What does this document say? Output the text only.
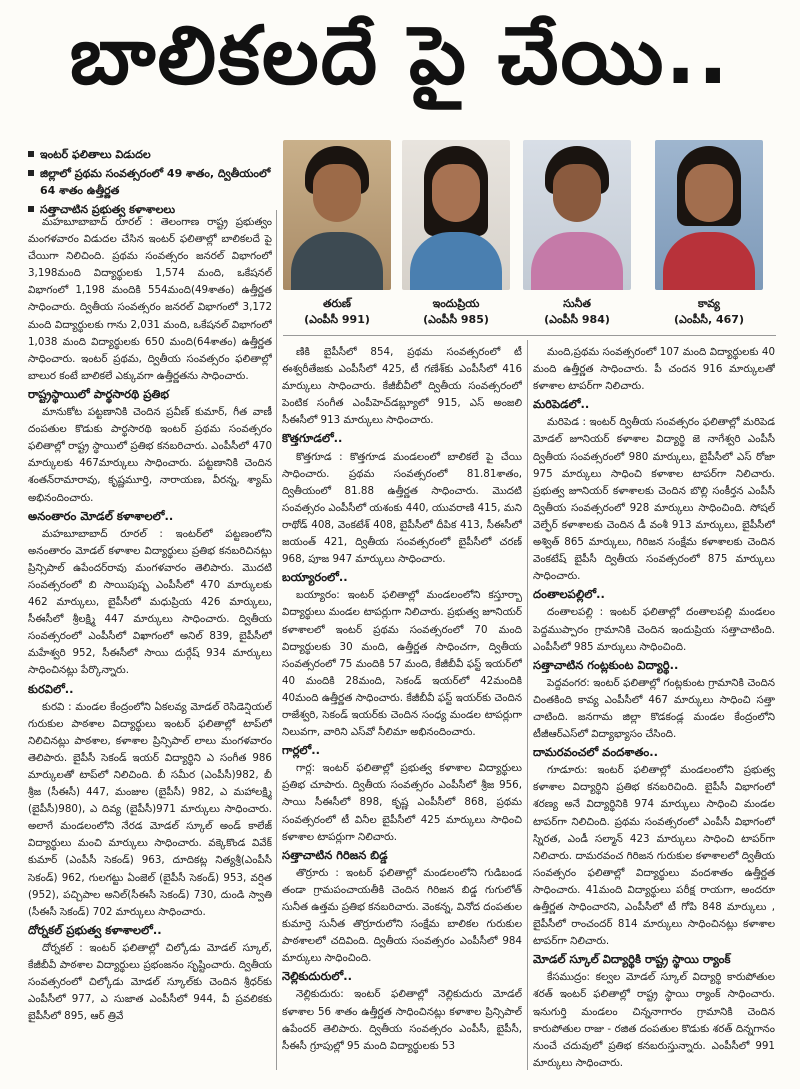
బాలికలదే పై చేయి..
ఇంటర్ ఫలితాలు విడుదల
జిల్లాలో ప్రథమ సంవత్సరంలో 49 శాతం, ద్వితీయంలో 64 శాతం ఉత్తీర్ణత
సత్తాచాటిన ప్రభుత్వ కళాశాలలు
తరుణ్
(ఎంపీసీ 991)
ఇందుప్రియ
(ఎంపీసీ 985)
సునీత
(ఎంపీసీ 984)
కావ్య
(ఎంపీసీ, 467)

మహబూబాబాద్ రూరల్ : తెలంగాణ రాష్ట్ర ప్రభుత్వం మంగళవారం విడుదల చేసిన ఇంటర్ ఫలితాల్లో బాలికలదే పై చేయిగా నిలిచింది. ప్రథమ సంవత్సరం జనరల్ విభాగంలో 3,198మంది విద్యార్థులకు 1,574 మంది, ఒకేషనల్ విభాగంలో 1,198 మందికి 554మంది(49శాతం) ఉత్తీర్ణత సాధించారు. ద్వితీయ సంవత్సరం జనరల్ విభాగంలో 3,172 మంది విద్యార్థులకు గాను 2,031 మంది, ఒకేషనల్ విభాగంలో 1,038 మంది విద్యార్థులకు 650 మంది(64శాతం) ఉత్తీర్ణత సాధించారు. ఇంటర్ ప్రథమ, ద్వితీయ సంవత్సరం ఫలితాల్లో బాలుర కంటే బాలికలే ఎక్కువగా ఉత్తీర్ణతను సాధించారు.

రాష్ట్రస్థాయిలో పార్థసారథి ప్రతిభ

మానుకోట పట్టణానికి చెందిన ప్రవీణ్ కుమార్, గీత వాణీ దంపతుల కొడుకు పార్థసారథి ఇంటర్ ప్రథమ సంవత్సరం ఫలితాల్లో రాష్ట్ర స్థాయిలో ప్రతిభ కనబరిచారు. ఎంపీసీలో 470 మార్కులకు 467మార్కులు సాధించారు. పట్టణానికి చెందిన శంతన్‌రామారావు, కృష్ణమూర్తి, నారాయణ, వీరన్న, శ్యామ్ అభినందించారు.

అనంతారం మోడల్ కళాశాలలో..

మహబూబాబాద్ రూరల్ : ఇంటర్‌లో పట్టణంలోని అనంతారం మోడల్ కళాశాల విద్యార్థులు ప్రతిభ కనబరిచినట్లు ప్రిన్సిపాల్ ఉపేందర్‌రావు మంగళవారం తెలిపారు. మొదటి సంవత్సరంలో బి సాయిపుష్ప ఎంపీసీలో 470 మార్కులకు 462 మార్కులు, బైపీసీలో మధుప్రియ 426 మార్కులు, సీఈసీలో శ్రీలక్ష్మి 447 మార్కులు సాధించారు. ద్వితీయ సంవత్సరంలో ఎంపీసీలో విఖాగంలో అనిల్ 839, బైపీసీలో మహేశ్వరి 952, సీఈసీలో సాయి దుర్గేష్ 934 మార్కులు సాధించినట్లు పేర్కొన్నారు.

కురవిలో..

కురవి : మండల కేంద్రంలోని ఏకలవ్య మోడల్ రెసిడెన్షియల్ గురుకుల పాఠశాల విద్యార్థులు ఇంటర్ ఫలితాల్లో టాప్‌లో నిలిచినట్లు పాఠశాల, కళాశాల ప్రిన్సిపాల్ లాలు మంగళవారం తెలిపారు. బైపీసీ సెకండ్ ఇయర్ విద్యార్థిని ఎ సంగీత 986 మార్కులతో టాప్‌లో నిలిచింది. బీ సమీర (ఎంపీసీ)982, బీ శ్రీజ (సీఈసీ) 447, మంజుల (బైపీసీ) 982, ఎ మహాలక్ష్మి (బైపీసీ)980), ఎ దివ్య (బైపీసీ)971 మార్కులు సాధించారు. అలాగే మండలంలోని నేరడ మోడల్ స్కూల్ అండ్ కాలేజ్ విద్యార్థులు మంచి మార్కులు సాధించారు. వక్కెకొండ వివేక్ కుమార్ (ఎంపీసీ సెకండ్) 963, దూదికట్ల నిత్యశ్రీ(ఎంపీసీ సెకండ్) 962, గులగట్టు ఏంజెల్ (బైపీసీ సెకండ్) 953, వర్షిత (952), పచ్చిపాల అనిల్(సీఈసీ సెకండ్) 730, దుండి స్వాతి (సీఈసీ సెకండ్) 702 మార్కులు సాధించారు.

దోర్నకల్ ప్రభుత్వ కళాశాలలో..

దోర్నకల్ : ఇంటర్ ఫలితాల్లో చిల్కోడు మోడల్ స్కూల్, కేజీబీవీ పాఠశాల విద్యార్థులు ప్రభంజనం సృష్టించారు. ద్వితీయ సంవత్సరంలో చిల్కోడు మోడల్ స్కూల్‌కు చెందిన శ్రీధర్‌కు ఎంపీసీలో 977, ఎ సుజాత ఎంపీసీలో 944, వీ ప్రవలికకు బైపీసీలో 895, ఆర్ త్రివే

ణికి బైపీసీలో 854, ప్రథమ సంవత్సరంలో టీ ఈశ్వరీతేజకు ఎంపీసీలో 425, టీ గణేశ్‌కు ఎంపీసీలో 416 మార్కులు సాధించారు. కేజీబీవీలో ద్వితీయ సంవత్సరంలో పెంటిక సంగీత ఎంపీహెచ్‌డబ్ల్యూలో 915, ఎస్ అంజలి సీఈసీలో 913 మార్కులు సాధించారు.

కొత్తగూడలో..

కొత్తగూడ : కొత్తగూడ మండలంలో బాలికలే పై చేయి సాధించారు. ప్రథమ సంవత్సరంలో 81.81శాతం, ద్వితీయంలో 81.88 ఉత్తీర్ణత సాధించారు. మొదటి సంవత్సరం ఎంపీసీలో యశంకు 440, యువరాణి 415, మని రాథోడ్ 408, వెంకటేశ్ 408, బైపీసీలో దీపిక 413, సీఈసీలో జయంత్ 421, ద్వితీయ సంవత్సరంలో బైపీసీలో చరణ్ 968, పూజ 947 మార్కులు సాధించారు.

బయ్యారంలో..

బయ్యారం: ఇంటర్ ఫలితాల్లో మండలంలోని కస్తూర్బా విద్యార్థులు మండల టాపర్లుగా నిలిచారు. ప్రభుత్వ జూనియర్ కళాశాలలో ఇంటర్ ప్రథమ సంవత్సరంలో 70 మంది విద్యార్థులకు 30 మంది, ఉత్తీర్ణత సాధించగా, ద్వితీయ సంవత్సరంలో 75 మందికి 57 మంది, కేజీబీవీ ఫస్ట్ ఇయర్‌లో 40 మందికి 28మంది, సెకండ్ ఇయర్‌లో 42మందికి 40మంది ఉత్తీర్ణత సాధించారు. కేజీబీవీ ఫస్ట్ ఇయర్‌కు చెందిన రాజేశ్వరి, సెకండ్ ఇయర్‌కు చెందిన సంధ్య మండల టాపర్లుగా నిలువగా, వారిని ఎస్‌వో నీలిమా అభినందించారు.

గార్లలో..

గార్ల: ఇంటర్ ఫలితాల్లో ప్రభుత్వ కళాశాల విద్యార్థులు ప్రతిభ చూపారు. ద్వితీయ సంవత్సరం ఎంపీసీలో శ్రీజ 956, సాయి సీఈసీలో 898, కృష్ణ ఎంపీసీలో 868, ప్రథమ సంవత్సరంలో టీ వినీల బైపీసీలో 425 మార్కులు సాధించి కళాశాల టాపర్లుగా నిలిచారు.

సత్తాచాటిన గిరిజన బిడ్డ

తొర్రూరు : ఇంటర్ ఫలితాల్లో మండలంలోని గుడిబండ తండా గ్రామపంచాయతీకి చెందిన గిరిజన బిడ్డ గుగులోత్ సునీత ఉత్తమ ప్రతిభ కనబరిచారు. వెంకన్న, వినోద దంపతుల కుమార్తె సునీత తొర్రూరులోని సంక్షేమ బాలికల గురుకుల పాఠశాలలో చదివింది. ద్వితీయ సంవత్సరం ఎంపీసీలో 984 మార్కులు సాధించింది.

నెల్లికుదురులో..

నెల్లికుదురు: ఇంటర్ ఫలితాల్లో నెల్లికుదురు మోడల్ కళాశాల 56 శాతం ఉత్తీర్ణత సాధించినట్లు కళాశాల ప్రిన్సిపాల్ ఉపేందర్ తెలిపారు. ద్వితీయ సంవత్సరం ఎంపీసీ, బైపీసీ, సీఈసీ గ్రూపుల్లో 95 మంది విద్యార్థులకు 53

మంది,ప్రథమ సంవత్సరంలో 107 మంది విద్యార్థులకు 40 మంది ఉత్తీర్ణత సాధించారు. పీ చందన 916 మార్కులతో కళాశాల టాపర్‌గా నిలిచారు.

మరిపెడలో..

మరిపెడ : ఇంటర్ ద్వితీయ సంవత్సరం ఫలితాల్లో మరిపెడ మోడల్ జూనియర్ కళాశాల విద్యార్థి జె నాగేశ్వరి ఎంపీసీ ద్వితీయ సంవత్సరంలో 980 మార్కులు, బైపీసీలో ఎస్ రోజా 975 మార్కులు సాధించి కళాశాల టాపర్‌గా నిలిచారు. ప్రభుత్వ జూనియర్ కళాశాలకు చెందిన బొల్లి సంకీర్తన ఎంపీసీ ద్వితీయ సంవత్సరంలో 928 మార్కులు సాధించింది. సోషల్ వెల్ఫేర్ కళాశాలకు చెందిన డీ వంశీ 913 మార్కులు, బైపీసీలో అశ్విత్ 865 మార్కులు, గిరిజన సంక్షేమ కళాశాలకు చెందిన వెంకటేష్ బైపీసీ ద్వితీయ సంవత్సరంలో 875 మార్కులు సాధించారు.

దంతాలపల్లిలో..

దంతాలపల్లి : ఇంటర్ ఫలితాల్లో దంతాలపల్లి మండలం పెద్దముప్పారం గ్రామానికి చెందిన ఇందుప్రియ సత్తాచాటింది. ఎంపీసీలో 985 మార్కులు సాధించింది.

సత్తాచాటిన గంట్లకుంట విద్యార్థి..

పెద్దవంగర: ఇంటర్ ఫలితాల్లో గంట్లకుంట గ్రామానికి చెందిన చింతకింది కావ్య ఎంపీసీలో 467 మార్కులు సాధించి సత్తా చాటింది. జనగామ జిల్లా కొడకండ్ల మండల కేంద్రంలోని టీజీఆర్‌ఎస్‌లో విద్యాభ్యాసం చేసింది.

దామరవంచలో వందశాతం..

గూడూరు: ఇంటర్ ఫలితాల్లో మండలంలోని ప్రభుత్వ కళాశాల విద్యార్థిని ప్రతిభ కనబరిచింది. బైపీసీ విభాగంలో శరణ్య అనే విద్యార్థినికి 974 మార్కులు సాధించి మండల టాపర్‌గా నిలిచింది. ప్రథమ సంవత్సరంలో ఎంపీసీ విభాగంలో స్నిరత, ఎండీ సల్మాన్ 423 మార్కులు సాధించి టాపర్‌గా నిలిచారు. దామరవంచ గిరిజన గురుకుల కళాశాలలో ద్వితీయ సంవత్సరం ఫలితాల్లో విద్యార్థులు వందశాతం ఉత్తీర్ణత సాధించారు. 41మంది విద్యార్థులు పరీక్ష రాయగా, అందరూ ఉత్తీర్ణత సాధించారని, ఎంపీసీలో టీ గోపి 848 మార్కులు , బైపీసీలో రాంచందర్ 814 మార్కులు సాధించినట్లు కళాశాల టాపర్‌గా నిలిచారు.

మోడల్ స్కూల్ విద్యార్థికి రాష్ట్ర స్థాయి ర్యాంక్

కేసముద్రం: కల్వల మోడల్ స్కూల్ విద్యార్థి కారుపోతుల శరత్ ఇంటర్ ఫలితాల్లో రాష్ట్ర స్థాయి ర్యాంక్ సాధించారు. ఇనుగుర్తి మండలం చిన్ననాగారం గ్రామానికి చెందిన కారుపోతుల రాజు - రజిత దంపతుల కొడుకు శరత్ దిన్నగానం నుంచే చదువులో ప్రతిభ కనబరుస్తున్నారు. ఎంపీసీలో 991 మార్కులు సాధించారు.
